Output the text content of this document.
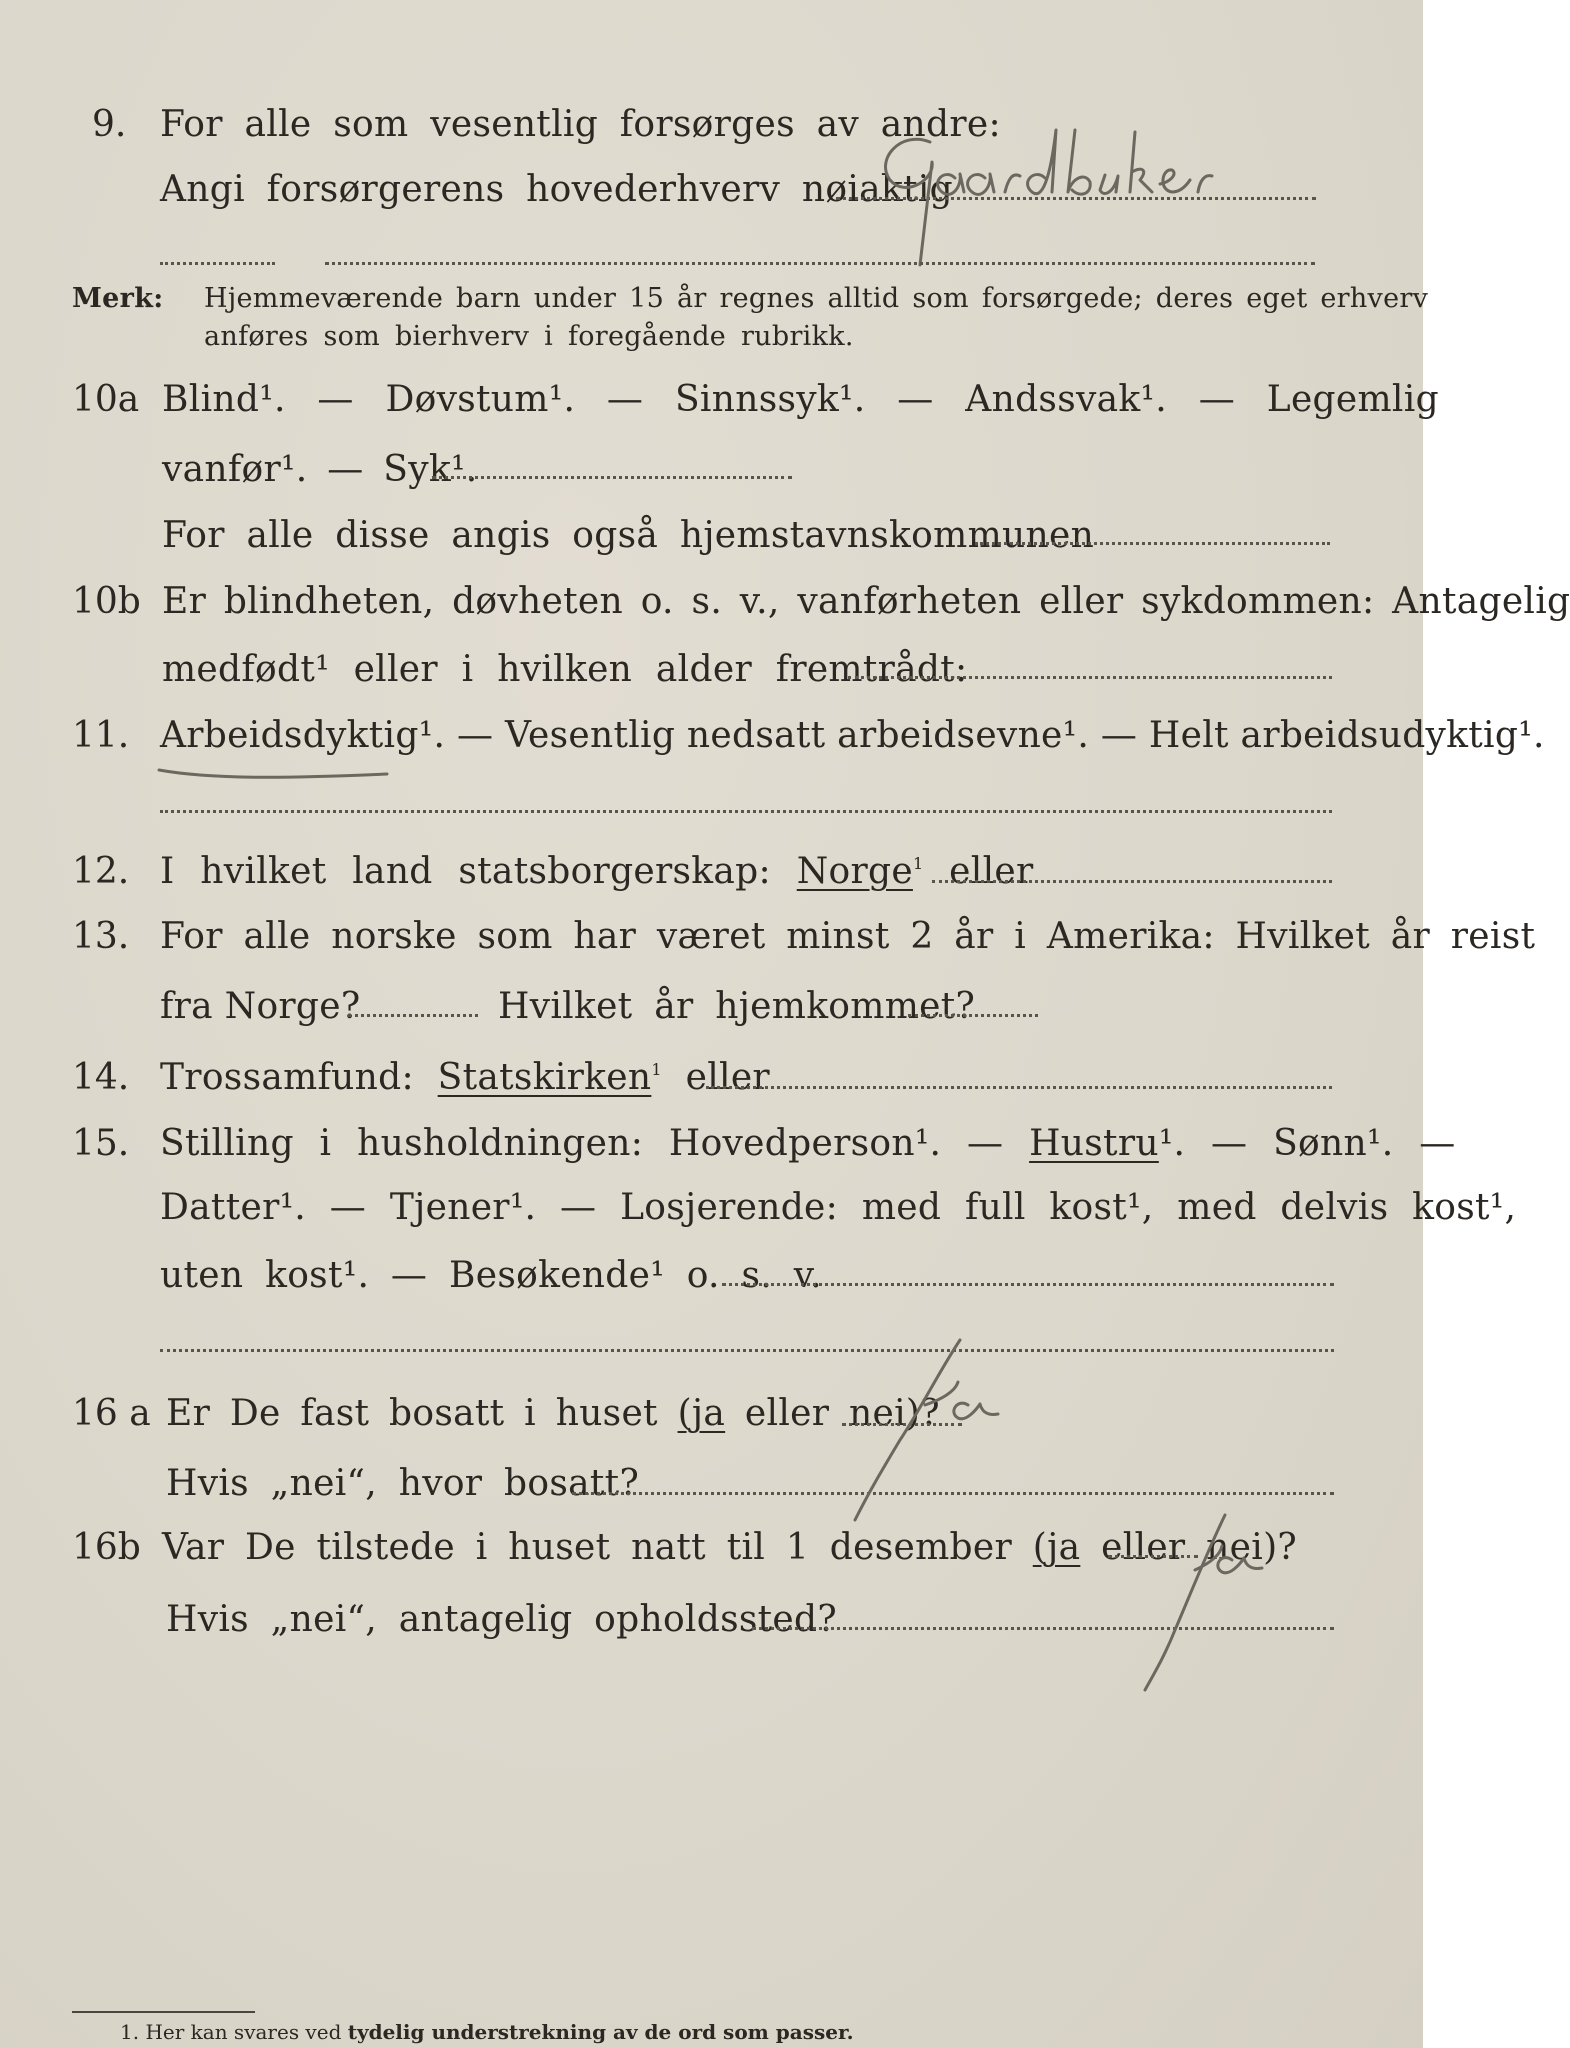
9. For alle som vesentlig forsørges av andre:
Angi forsørgerens hovederhverv nøiaktig
Merk: Hjemmeværende barn under 15 år regnes alltid som forsørgede; deres eget erhverv
anføres som bierhverv i foregående rubrikk.
10a Blind¹. — Døvstum¹. — Sinnssyk¹. — Andssvak¹. — Legemlig
vanfør¹. — Syk¹.
For alle disse angis også hjemstavnskommunen
10b Er blindheten, døvheten o. s. v., vanførheten eller sykdommen: Antagelig
medfødt¹ eller i hvilken alder fremtrådt:
11. Arbeidsdyktig¹. — Vesentlig nedsatt arbeidsevne¹. — Helt arbeidsudyktig¹.
12. I hvilket land statsborgerskap: Norge$^1$ eller
13. For alle norske som har været minst 2 år i Amerika: Hvilket år reist
fra Norge?	Hvilket år hjemkommet?
14. Trossamfund: Statskirken$^1$ eller
15. Stilling i husholdningen: Hovedperson¹. — Hustru¹. — Sønn¹. —
Datter¹. — Tjener¹. — Losjerende: med full kost¹, med delvis kost¹,
uten kost¹. — Besøkende¹ o. s. v.
16 a Er De fast bosatt i huset (ja eller nei)?
Hvis „nei“, hvor bosatt?
16b Var De tilstede i huset natt til 1 desember (ja eller nei)?
Hvis „nei“, antagelig opholdssted?
1. Her kan svares ved tydelig understrekning av de ord som passer.
